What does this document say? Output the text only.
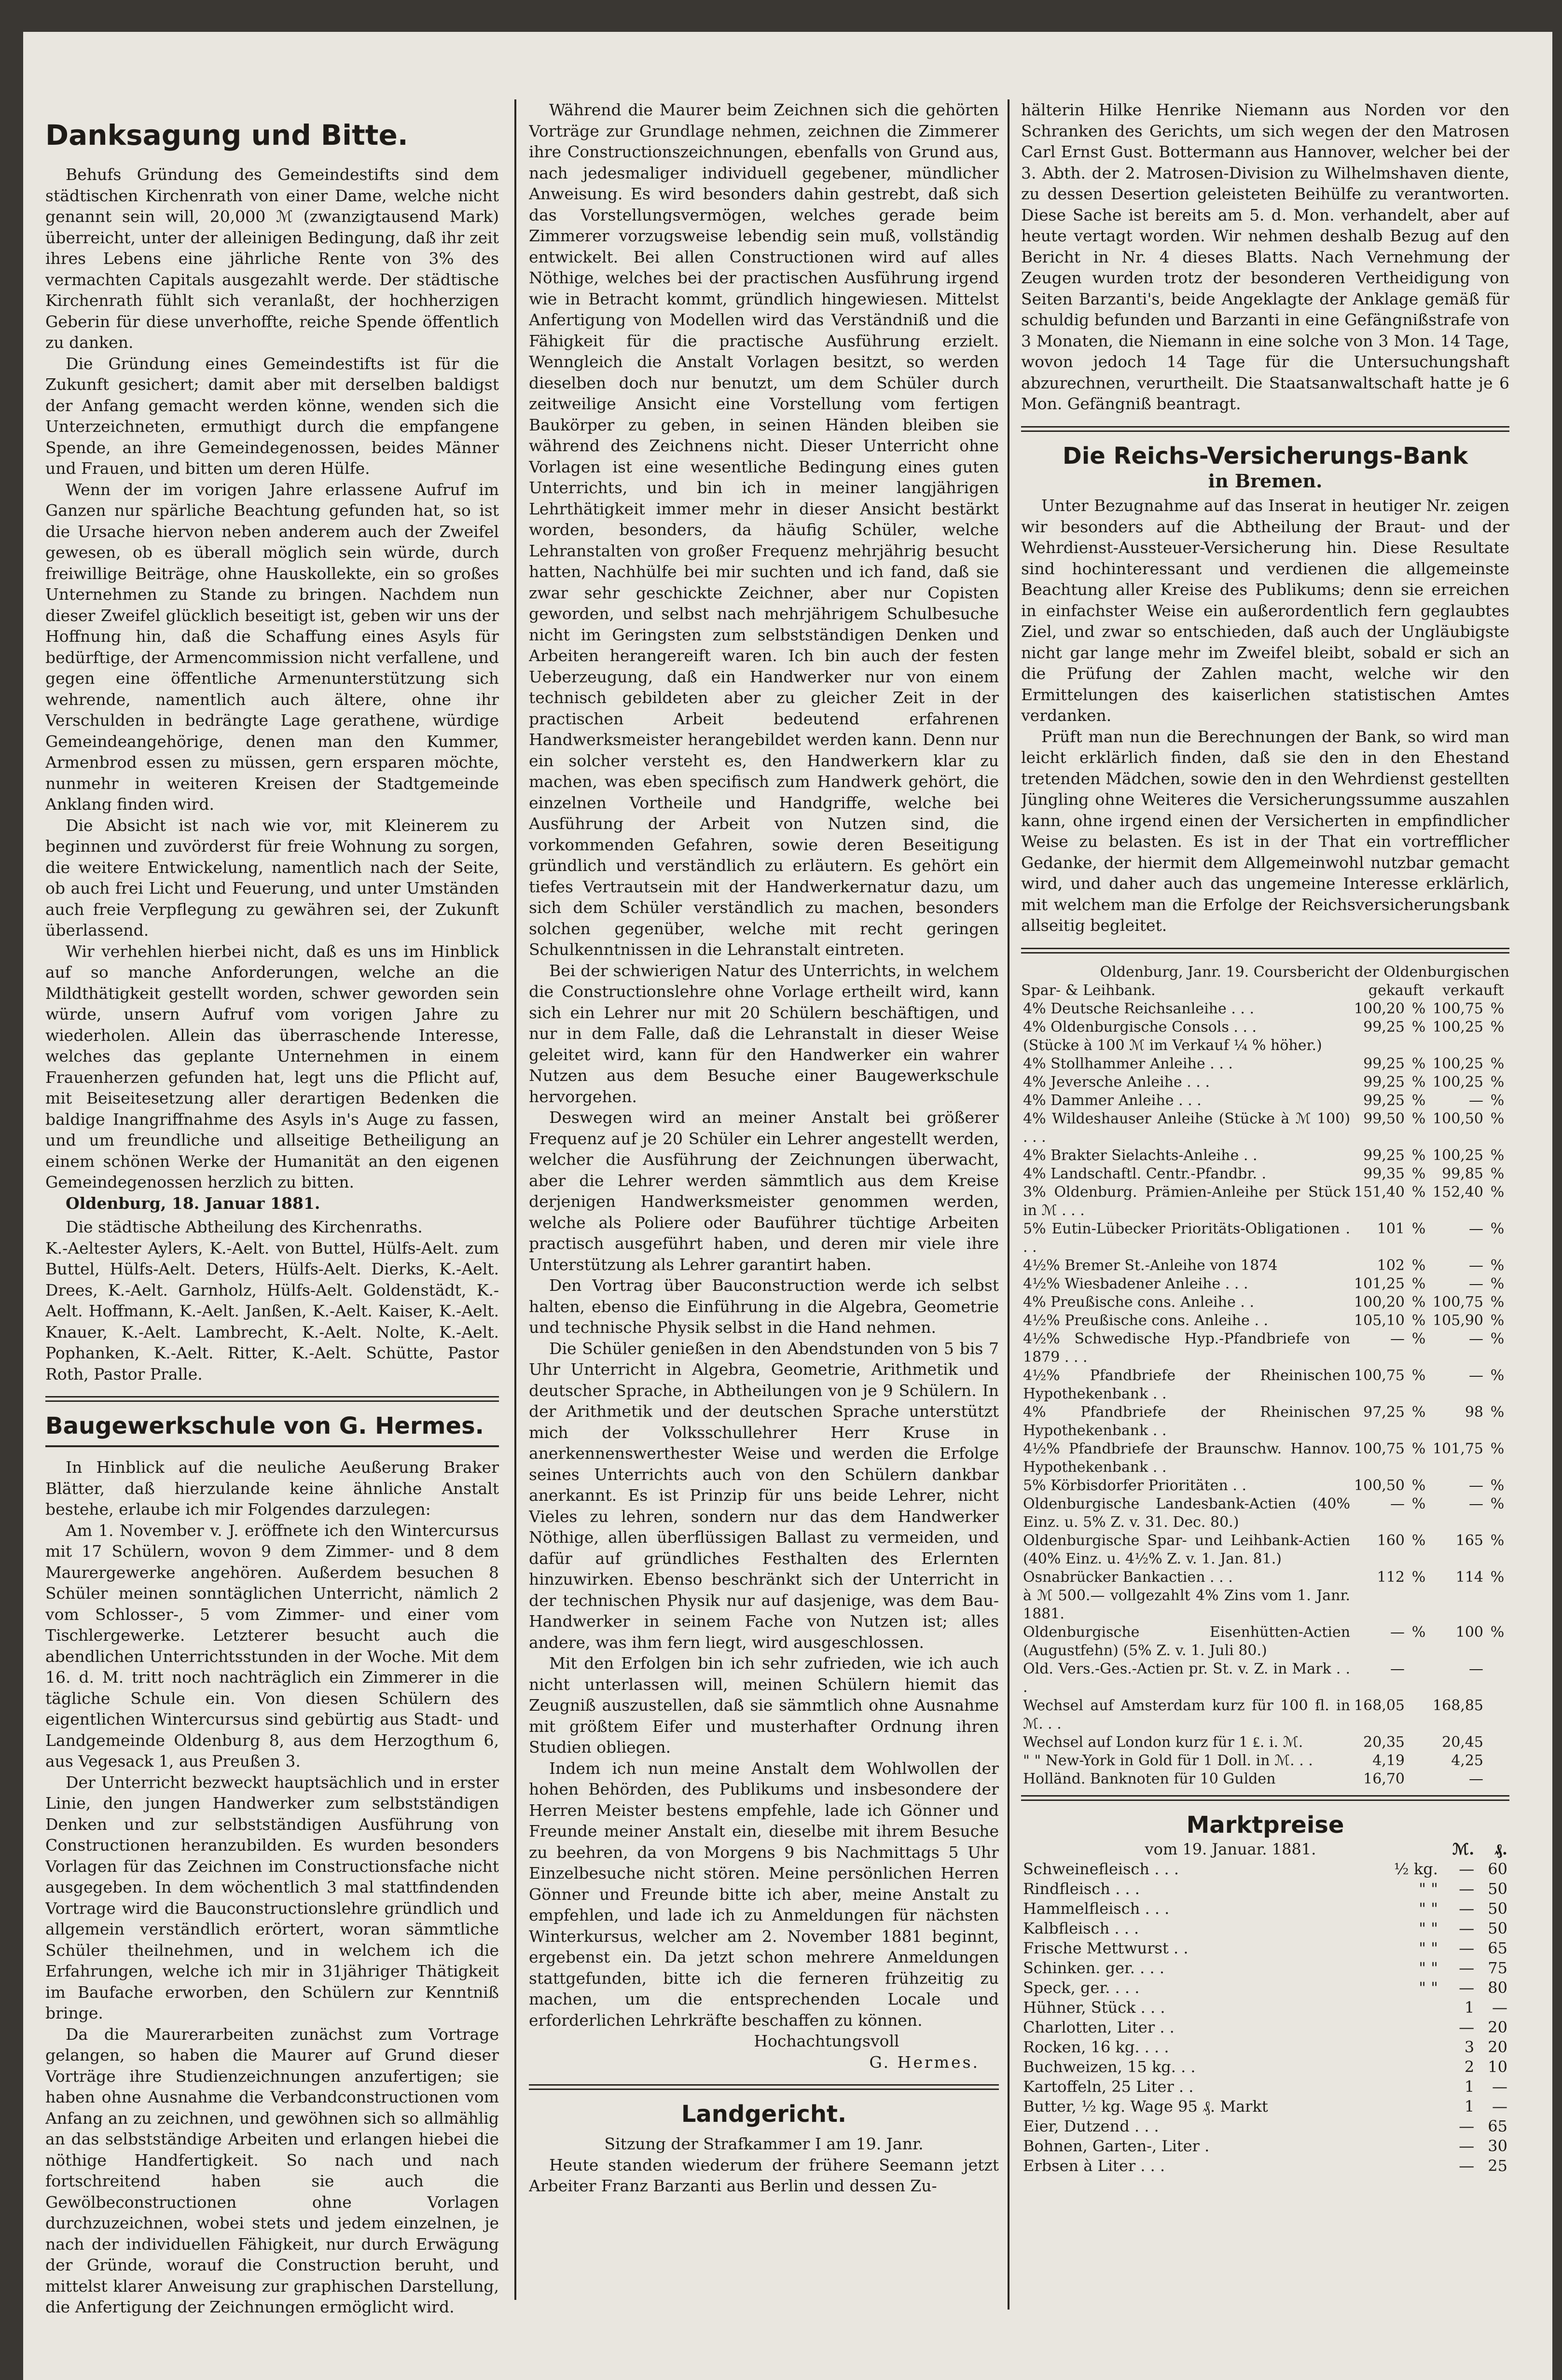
Danksagung und Bitte.

Behufs Gründung des Gemeindestifts sind dem städtischen Kirchenrath von einer Dame, welche nicht genannt sein will, 20,000 ℳ (zwanzigtausend Mark) überreicht, unter der alleinigen Bedingung, daß ihr zeit ihres Lebens eine jährliche Rente von 3% des vermachten Capitals ausgezahlt werde. Der städtische Kirchenrath fühlt sich veranlaßt, der hochherzigen Geberin für diese unverhoffte, reiche Spende öffentlich zu danken.

Die Gründung eines Gemeindestifts ist für die Zukunft gesichert; damit aber mit derselben baldigst der Anfang gemacht werden könne, wenden sich die Unterzeichneten, ermuthigt durch die empfangene Spende, an ihre Gemeindegenossen, beides Männer und Frauen, und bitten um deren Hülfe.

Wenn der im vorigen Jahre erlassene Aufruf im Ganzen nur spärliche Beachtung gefunden hat, so ist die Ursache hiervon neben anderem auch der Zweifel gewesen, ob es überall möglich sein würde, durch freiwillige Beiträge, ohne Hauskollekte, ein so großes Unternehmen zu Stande zu bringen. Nachdem nun dieser Zweifel glücklich beseitigt ist, geben wir uns der Hoffnung hin, daß die Schaffung eines Asyls für bedürftige, der Armencommission nicht verfallene, und gegen eine öffentliche Armenunterstützung sich wehrende, namentlich auch ältere, ohne ihr Verschulden in bedrängte Lage gerathene, würdige Gemeindeangehörige, denen man den Kummer, Armenbrod essen zu müssen, gern ersparen möchte, nunmehr in weiteren Kreisen der Stadtgemeinde Anklang finden wird.

Die Absicht ist nach wie vor, mit Kleinerem zu beginnen und zuvörderst für freie Wohnung zu sorgen, die weitere Entwickelung, namentlich nach der Seite, ob auch frei Licht und Feuerung, und unter Umständen auch freie Verpflegung zu gewähren sei, der Zukunft überlassend.

Wir verhehlen hierbei nicht, daß es uns im Hinblick auf so manche Anforderungen, welche an die Mildthätigkeit gestellt worden, schwer geworden sein würde, unsern Aufruf vom vorigen Jahre zu wiederholen. Allein das überraschende Interesse, welches das geplante Unternehmen in einem Frauenherzen gefunden hat, legt uns die Pflicht auf, mit Beiseitesetzung aller derartigen Bedenken die baldige Inangriffnahme des Asyls in's Auge zu fassen, und um freundliche und allseitige Betheiligung an einem schönen Werke der Humanität an den eigenen Gemeindegenossen herzlich zu bitten.

Oldenburg, 18. Januar 1881.

Die städtische Abtheilung des Kirchenraths.

K.-Aeltester Aylers, K.-Aelt. von Buttel, Hülfs-Aelt. zum Buttel, Hülfs-Aelt. Deters, Hülfs-Aelt. Dierks, K.-Aelt. Drees, K.-Aelt. Garnholz, Hülfs-Aelt. Goldenstädt, K.-Aelt. Hoffmann, K.-Aelt. Janßen, K.-Aelt. Kaiser, K.-Aelt. Knauer, K.-Aelt. Lambrecht, K.-Aelt. Nolte, K.-Aelt. Pophanken, K.-Aelt. Ritter, K.-Aelt. Schütte, Pastor Roth, Pastor Pralle.

Baugewerkschule von G. Hermes.

In Hinblick auf die neuliche Aeußerung Braker Blätter, daß hierzulande keine ähnliche Anstalt bestehe, erlaube ich mir Folgendes darzulegen:

Am 1. November v. J. eröffnete ich den Wintercursus mit 17 Schülern, wovon 9 dem Zimmer- und 8 dem Maurergewerke angehören. Außerdem besuchen 8 Schüler meinen sonntäglichen Unterricht, nämlich 2 vom Schlosser-, 5 vom Zimmer- und einer vom Tischlergewerke. Letzterer besucht auch die abendlichen Unterrichtsstunden in der Woche. Mit dem 16. d. M. tritt noch nachträglich ein Zimmerer in die tägliche Schule ein. Von diesen Schülern des eigentlichen Wintercursus sind gebürtig aus Stadt- und Landgemeinde Oldenburg 8, aus dem Herzogthum 6, aus Vegesack 1, aus Preußen 3.

Der Unterricht bezweckt hauptsächlich und in erster Linie, den jungen Handwerker zum selbstständigen Denken und zur selbstständigen Ausführung von Constructionen heranzubilden. Es wurden besonders Vorlagen für das Zeichnen im Constructionsfache nicht ausgegeben. In dem wöchentlich 3 mal stattfindenden Vortrage wird die Bauconstructionslehre gründlich und allgemein verständlich erörtert, woran sämmtliche Schüler theilnehmen, und in welchem ich die Erfahrungen, welche ich mir in 31jähriger Thätigkeit im Baufache erworben, den Schülern zur Kenntniß bringe.

Da die Maurerarbeiten zunächst zum Vortrage gelangen, so haben die Maurer auf Grund dieser Vorträge ihre Studienzeichnungen anzufertigen; sie haben ohne Ausnahme die Verbandconstructionen vom Anfang an zu zeichnen, und gewöhnen sich so allmählig an das selbstständige Arbeiten und erlangen hiebei die nöthige Handfertigkeit. So nach und nach fortschreitend haben sie auch die Gewölbeconstructionen ohne Vorlagen durchzuzeichnen, wobei stets und jedem einzelnen, je nach der individuellen Fähigkeit, nur durch Erwägung der Gründe, worauf die Construction beruht, und mittelst klarer Anweisung zur graphischen Darstellung, die Anfertigung der Zeichnungen ermöglicht wird.

Während die Maurer beim Zeichnen sich die gehörten Vorträge zur Grundlage nehmen, zeichnen die Zimmerer ihre Constructionszeichnungen, ebenfalls von Grund aus, nach jedesmaliger individuell gegebener, mündlicher Anweisung. Es wird besonders dahin gestrebt, daß sich das Vorstellungsvermögen, welches gerade beim Zimmerer vorzugsweise lebendig sein muß, vollständig entwickelt. Bei allen Constructionen wird auf alles Nöthige, welches bei der practischen Ausführung irgend wie in Betracht kommt, gründlich hingewiesen. Mittelst Anfertigung von Modellen wird das Verständniß und die Fähigkeit für die practische Ausführung erzielt. Wenngleich die Anstalt Vorlagen besitzt, so werden dieselben doch nur benutzt, um dem Schüler durch zeitweilige Ansicht eine Vorstellung vom fertigen Baukörper zu geben, in seinen Händen bleiben sie während des Zeichnens nicht. Dieser Unterricht ohne Vorlagen ist eine wesentliche Bedingung eines guten Unterrichts, und bin ich in meiner langjährigen Lehrthätigkeit immer mehr in dieser Ansicht bestärkt worden, besonders, da häufig Schüler, welche Lehranstalten von großer Frequenz mehrjährig besucht hatten, Nachhülfe bei mir suchten und ich fand, daß sie zwar sehr geschickte Zeichner, aber nur Copisten geworden, und selbst nach mehrjährigem Schulbesuche nicht im Geringsten zum selbstständigen Denken und Arbeiten herangereift waren. Ich bin auch der festen Ueberzeugung, daß ein Handwerker nur von einem technisch gebildeten aber zu gleicher Zeit in der practischen Arbeit bedeutend erfahrenen Handwerksmeister herangebildet werden kann. Denn nur ein solcher versteht es, den Handwerkern klar zu machen, was eben specifisch zum Handwerk gehört, die einzelnen Vortheile und Handgriffe, welche bei Ausführung der Arbeit von Nutzen sind, die vorkommenden Gefahren, sowie deren Beseitigung gründlich und verständlich zu erläutern. Es gehört ein tiefes Vertrautsein mit der Handwerkernatur dazu, um sich dem Schüler verständlich zu machen, besonders solchen gegenüber, welche mit recht geringen Schulkenntnissen in die Lehranstalt eintreten.

Bei der schwierigen Natur des Unterrichts, in welchem die Constructionslehre ohne Vorlage ertheilt wird, kann sich ein Lehrer nur mit 20 Schülern beschäftigen, und nur in dem Falle, daß die Lehranstalt in dieser Weise geleitet wird, kann für den Handwerker ein wahrer Nutzen aus dem Besuche einer Baugewerkschule hervorgehen.

Deswegen wird an meiner Anstalt bei größerer Frequenz auf je 20 Schüler ein Lehrer angestellt werden, welcher die Ausführung der Zeichnungen überwacht, aber die Lehrer werden sämmtlich aus dem Kreise derjenigen Handwerksmeister genommen werden, welche als Poliere oder Bauführer tüchtige Arbeiten practisch ausgeführt haben, und deren mir viele ihre Unterstützung als Lehrer garantirt haben.

Den Vortrag über Bauconstruction werde ich selbst halten, ebenso die Einführung in die Algebra, Geometrie und technische Physik selbst in die Hand nehmen.

Die Schüler genießen in den Abendstunden von 5 bis 7 Uhr Unterricht in Algebra, Geometrie, Arithmetik und deutscher Sprache, in Abtheilungen von je 9 Schülern. In der Arithmetik und der deutschen Sprache unterstützt mich der Volksschullehrer Herr Kruse in anerkennenswerthester Weise und werden die Erfolge seines Unterrichts auch von den Schülern dankbar anerkannt. Es ist Prinzip für uns beide Lehrer, nicht Vieles zu lehren, sondern nur das dem Handwerker Nöthige, allen überflüssigen Ballast zu vermeiden, und dafür auf gründliches Festhalten des Erlernten hinzuwirken. Ebenso beschränkt sich der Unterricht in der technischen Physik nur auf dasjenige, was dem Bau-Handwerker in seinem Fache von Nutzen ist; alles andere, was ihm fern liegt, wird ausgeschlossen.

Mit den Erfolgen bin ich sehr zufrieden, wie ich auch nicht unterlassen will, meinen Schülern hiemit das Zeugniß auszustellen, daß sie sämmtlich ohne Ausnahme mit größtem Eifer und musterhafter Ordnung ihren Studien obliegen.

Indem ich nun meine Anstalt dem Wohlwollen der hohen Behörden, des Publikums und insbesondere der Herren Meister bestens empfehle, lade ich Gönner und Freunde meiner Anstalt ein, dieselbe mit ihrem Besuche zu beehren, da von Morgens 9 bis Nachmittags 5 Uhr Einzelbesuche nicht stören. Meine persönlichen Herren Gönner und Freunde bitte ich aber, meine Anstalt zu empfehlen, und lade ich zu Anmeldungen für nächsten Winterkursus, welcher am 2. November 1881 beginnt, ergebenst ein. Da jetzt schon mehrere Anmeldungen stattgefunden, bitte ich die ferneren frühzeitig zu machen, um die entsprechenden Locale und erforderlichen Lehrkräfte beschaffen zu können.

Hochachtungsvoll

G. Hermes.

Landgericht.

Sitzung der Strafkammer I am 19. Janr.

Heute standen wiederum der frühere Seemann jetzt Arbeiter Franz Barzanti aus Berlin und dessen Zu-

hälterin Hilke Henrike Niemann aus Norden vor den Schranken des Gerichts, um sich wegen der den Matrosen Carl Ernst Gust. Bottermann aus Hannover, welcher bei der 3. Abth. der 2. Matrosen-Division zu Wilhelmshaven diente, zu dessen Desertion geleisteten Beihülfe zu verantworten. Diese Sache ist bereits am 5. d. Mon. verhandelt, aber auf heute vertagt worden. Wir nehmen deshalb Bezug auf den Bericht in Nr. 4 dieses Blatts. Nach Vernehmung der Zeugen wurden trotz der besonderen Vertheidigung von Seiten Barzanti's, beide Angeklagte der Anklage gemäß für schuldig befunden und Barzanti in eine Gefängnißstrafe von 3 Monaten, die Niemann in eine solche von 3 Mon. 14 Tage, wovon jedoch 14 Tage für die Untersuchungshaft abzurechnen, verurtheilt. Die Staatsanwaltschaft hatte je 6 Mon. Gefängniß beantragt.

Die Reichs-Versicherungs-Bank
in Bremen.

Unter Bezugnahme auf das Inserat in heutiger Nr. zeigen wir besonders auf die Abtheilung der Braut- und der Wehrdienst-Aussteuer-Versicherung hin. Diese Resultate sind hochinteressant und verdienen die allgemeinste Beachtung aller Kreise des Publikums; denn sie erreichen in einfachster Weise ein außerordentlich fern geglaubtes Ziel, und zwar so entschieden, daß auch der Ungläubigste nicht gar lange mehr im Zweifel bleibt, sobald er sich an die Prüfung der Zahlen macht, welche wir den Ermittelungen des kaiserlichen statistischen Amtes verdanken.

Prüft man nun die Berechnungen der Bank, so wird man leicht erklärlich finden, daß sie den in den Ehestand tretenden Mädchen, sowie den in den Wehrdienst gestellten Jüngling ohne Weiteres die Versicherungssumme auszahlen kann, ohne irgend einen der Versicherten in empfindlicher Weise zu belasten. Es ist in der That ein vortrefflicher Gedanke, der hiermit dem Allgemeinwohl nutzbar gemacht wird, und daher auch das ungemeine Interesse erklärlich, mit welchem man die Erfolge der Reichsversicherungsbank allseitig begleitet.

Oldenburg, Janr. 19. Coursbericht der Oldenburgischen
Spar- & Leihbank.	gekauft verkauft
4% Deutsche Reichsanleihe . . .	100,20	%	100,75	%
4% Oldenburgische Consols . . .	99,25	%	100,25	%
(Stücke à 100 ℳ im Verkauf ¼ % höher.)				
4% Stollhammer Anleihe . . .	99,25	%	100,25	%
4% Jeversche Anleihe . . .	99,25	%	100,25	%
4% Dammer Anleihe . . .	99,25	%	—	%
4% Wildeshauser Anleihe (Stücke à ℳ 100) . . .	99,50	%	100,50	%
4% Brakter Sielachts-Anleihe . .	99,25	%	100,25	%
4% Landschaftl. Centr.-Pfandbr. .	99,35	%	99,85	%
3% Oldenburg. Prämien-Anleihe per Stück in ℳ . . .	151,40	%	152,40	%
5% Eutin-Lübecker Prioritäts-Obligationen . . .	101	%	—	%
4½% Bremer St.-Anleihe von 1874	102	%	—	%
4½% Wiesbadener Anleihe . . .	101,25	%	—	%
4% Preußische cons. Anleihe . .	100,20	%	100,75	%
4½% Preußische cons. Anleihe . .	105,10	%	105,90	%
4½% Schwedische Hyp.-Pfandbriefe von 1879 . . .	—	%	—	%
4½% Pfandbriefe der Rheinischen Hypothekenbank . .	100,75	%	—	%
4% Pfandbriefe der Rheinischen Hypothekenbank . .	97,25	%	98	%
4½% Pfandbriefe der Braunschw. Hannov. Hypothekenbank . .	100,75	%	101,75	%
5% Körbisdorfer Prioritäten . .	100,50	%	—	%
Oldenburgische Landesbank-Actien (40% Einz. u. 5% Z. v. 31. Dec. 80.)	—	%	—	%
Oldenburgische Spar- und Leihbank-Actien (40% Einz. u. 4½% Z. v. 1. Jan. 81.)	160	%	165	%
Osnabrücker Bankactien . . .	112	%	114	%
à ℳ 500.— vollgezahlt 4% Zins vom 1. Janr. 1881.				
Oldenburgische Eisenhütten-Actien (Augustfehn) (5% Z. v. 1. Juli 80.)	—	%	100	%
Old. Vers.-Ges.-Actien pr. St. v. Z. in Mark . . .	—		—	
Wechsel auf Amsterdam kurz für 100 fl. in ℳ. . .	168,05		168,85	
Wechsel auf London kurz für 1 ₤. i. ℳ.	20,35		20,45	
" " New-York in Gold für 1 Doll. in ℳ. . .	4,19		4,25	
Holländ. Banknoten für 10 Gulden	16,70		—	
Marktpreise
vom 19. Januar. 1881.		ℳ.	₰.
Schweinefleisch . . .	½ kg.	—	60
Rindfleisch . . .	" "	—	50
Hammelfleisch . . .	" "	—	50
Kalbfleisch . . .	" "	—	50
Frische Mettwurst . .	" "	—	65
Schinken. ger. . . .	" "	—	75
Speck, ger. . . .	" "	—	80
Hühner, Stück . . .		1	—
Charlotten, Liter . .		—	20
Rocken, 16 kg. . . .		3	20
Buchweizen, 15 kg. . .		2	10
Kartoffeln, 25 Liter . .		1	—
Butter, ½ kg. Wage 95 ₰. Markt		1	—
Eier, Dutzend . . .		—	65
Bohnen, Garten-, Liter .		—	30
Erbsen à Liter . . .		—	25
